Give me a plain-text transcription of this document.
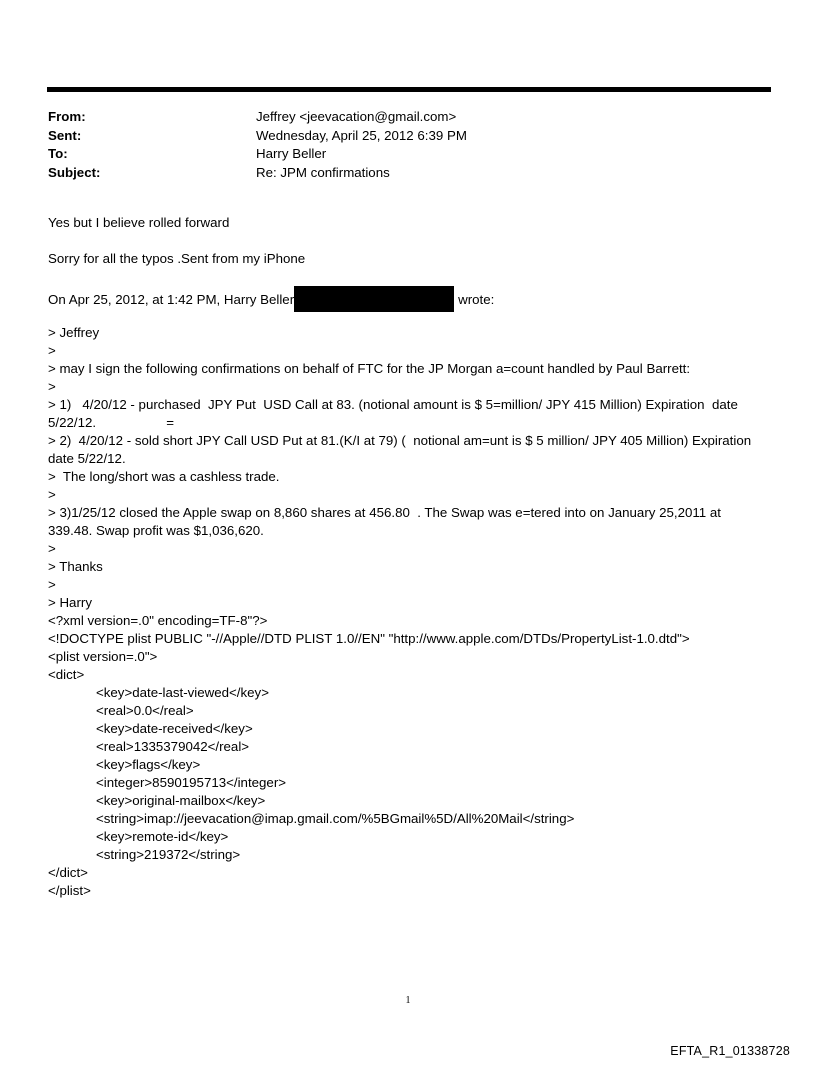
From:	Jeffrey <jeevacation@gmail.com>
Sent:	Wednesday, April 25, 2012 6:39 PM
To:	Harry Beller
Subject:	Re: JPM confirmations
Yes but I believe rolled forward
Sorry for all the typos .Sent from my iPhone
On Apr 25, 2012, at 1:42 PM, Harry Beller	wrote:
> Jeffrey
>
> may I sign the following confirmations on behalf of FTC for the JP Morgan a=count handled by Paul Barrett:
>
> 1)   4/20/12 - purchased  JPY Put  USD Call at 83. (notional amount is $ 5=million/ JPY 415 Million) Expiration  date 5/22/12.                   =
> 2)  4/20/12 - sold short JPY Call USD Put at 81.(K/I at 79) (  notional am=unt is $ 5 million/ JPY 405 Million) Expiration date 5/22/12.
>  The long/short was a cashless trade.
>
> 3)1/25/12 closed the Apple swap on 8,860 shares at 456.80  . The Swap was e=tered into on January 25,2011 at 339.48. Swap profit was $1,036,620.
>
> Thanks
>
> Harry
<?xml version=.0" encoding=TF-8"?>
<!DOCTYPE plist PUBLIC "-//Apple//DTD PLIST 1.0//EN" "http://www.apple.com/DTDs/PropertyList-1.0.dtd">
<plist version=.0">
<dict>
<key>date-last-viewed</key>
<real>0.0</real>
<key>date-received</key>
<real>1335379042</real>
<key>flags</key>
<integer>8590195713</integer>
<key>original-mailbox</key>
<string>imap://jeevacation@imap.gmail.com/%5BGmail%5D/All%20Mail</string>
<key>remote-id</key>
<string>219372</string>
</dict>
</plist>
1
EFTA_R1_01338728
